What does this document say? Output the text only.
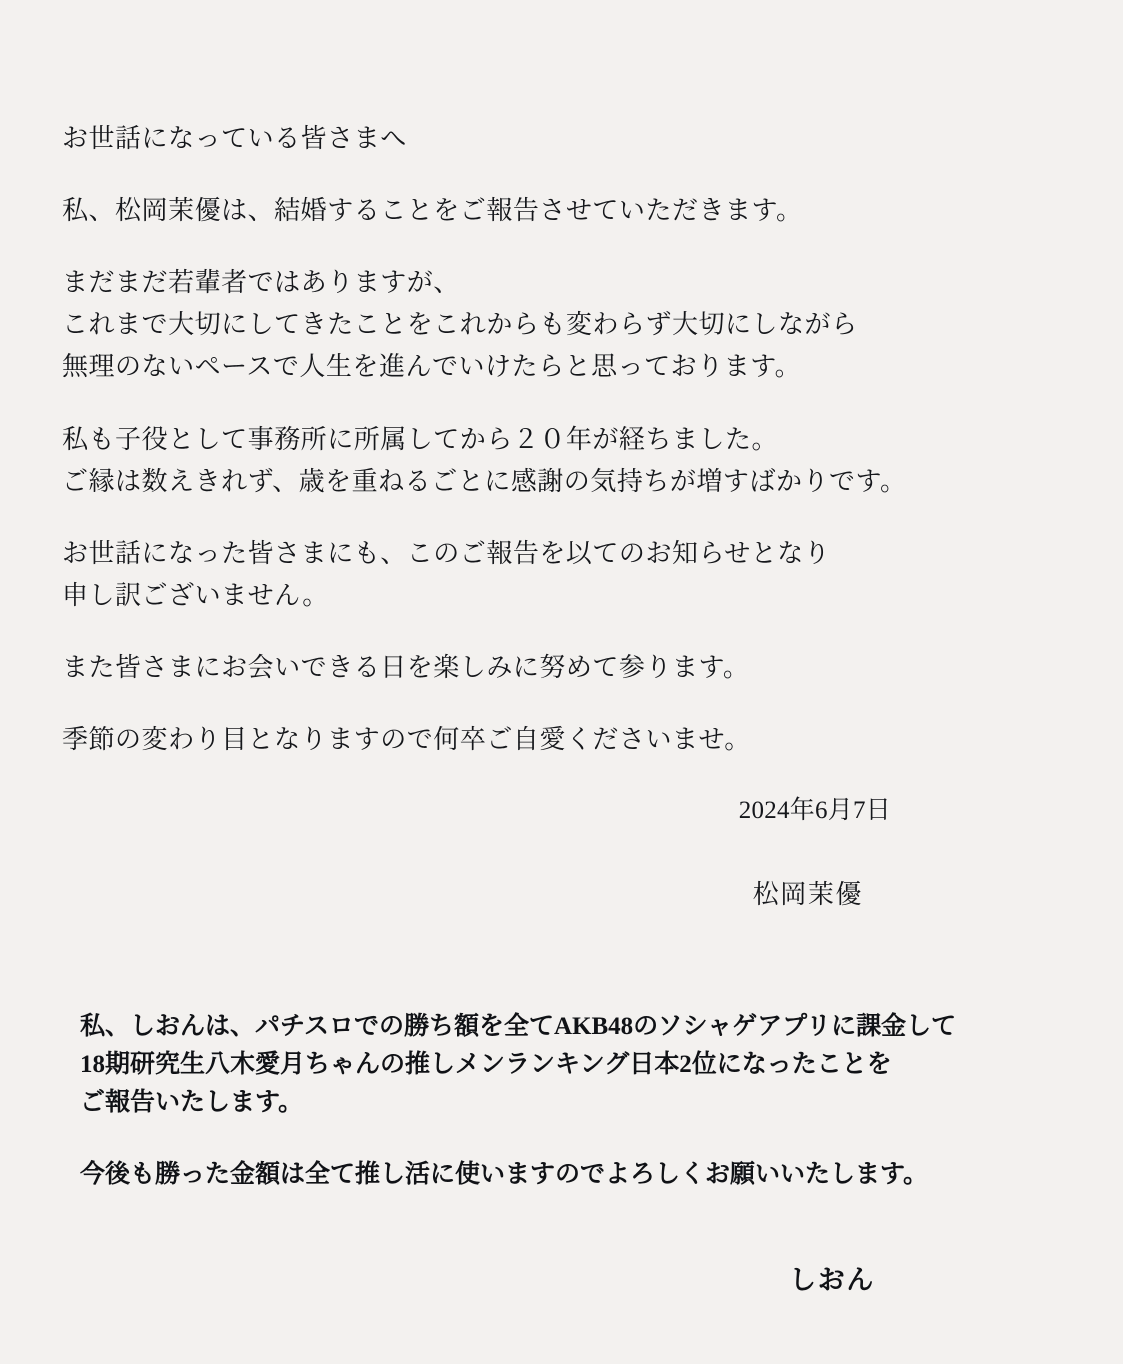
お世話になっている皆さまへ

私、松岡茉優は、結婚することをご報告させていただきます。

まだまだ若輩者ではありますが、
これまで大切にしてきたことをこれからも変わらず大切にしながら
無理のないペースで人生を進んでいけたらと思っております。

私も子役として事務所に所属してから２０年が経ちました。
ご縁は数えきれず、歳を重ねるごとに感謝の気持ちが増すばかりです。

お世話になった皆さまにも、このご報告を以てのお知らせとなり
申し訳ございません。

また皆さまにお会いできる日を楽しみに努めて参ります。

季節の変わり目となりますので何卒ご自愛くださいませ。

2024年6月7日

松岡茉優

私、しおんは、パチスロでの勝ち額を全てAKB48のソシャゲアプリに課金して
18期研究生八木愛月ちゃんの推しメンランキング日本2位になったことを
ご報告いたします。

今後も勝った金額は全て推し活に使いますのでよろしくお願いいたします。

しおん
